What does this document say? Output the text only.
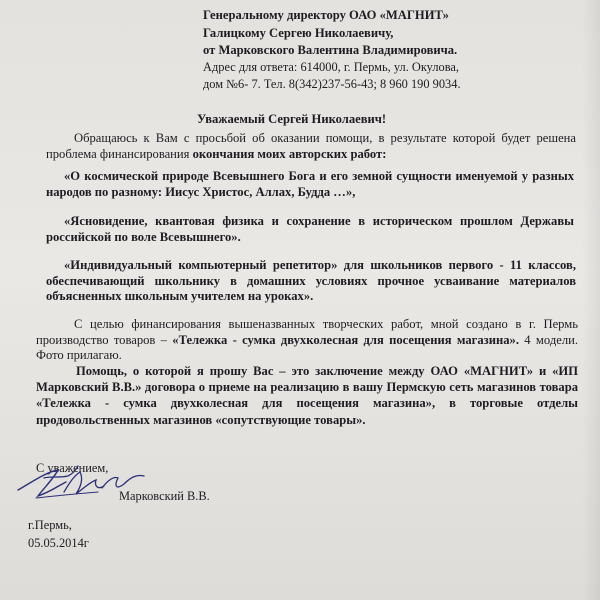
Генеральному директору ОАО «МАГНИТ»
Галицкому Сергею Николаевичу,
от Марковского Валентина Владимировича.
Адрес для ответа: 614000, г. Пермь, ул. Окулова,
дом №6- 7. Тел. 8(342)237-56-43; 8 960 190 9034.
Уважаемый Сергей Николаевич!
Обращаюсь к Вам с просьбой об оказании помощи, в результате которой будет решена проблема финансирования окончания моих авторских работ:
«О космической природе Всевышнего Бога и его земной сущности именуемой у разных народов по разному: Иисус Христос, Аллах, Будда …»,
«Ясновидение, квантовая физика и сохранение в историческом прошлом Державы российской по воле Всевышнего».
«Индивидуальный компьютерный репетитор» для школьников первого - 11 классов, обеспечивающий школьнику в домашних условиях прочное усваивание материалов объясненных школьным учителем на уроках».
С целью финансирования вышеназванных творческих работ, мной создано в г. Пермь производство товаров – «Тележка - сумка двухколесная для посещения магазина». 4 модели. Фото прилагаю.
Помощь, о которой я прошу Вас – это заключение между ОАО «МАГНИТ» и «ИП Марковский В.В.» договора о приеме на реализацию в вашу Пермскую сеть магазинов товара «Тележка - сумка двухколесная для посещения магазина», в торговые отделы продовольственных магазинов «сопутствующие товары».
С уважением,
Марковский В.В.
г.Пермь,
05.05.2014г
